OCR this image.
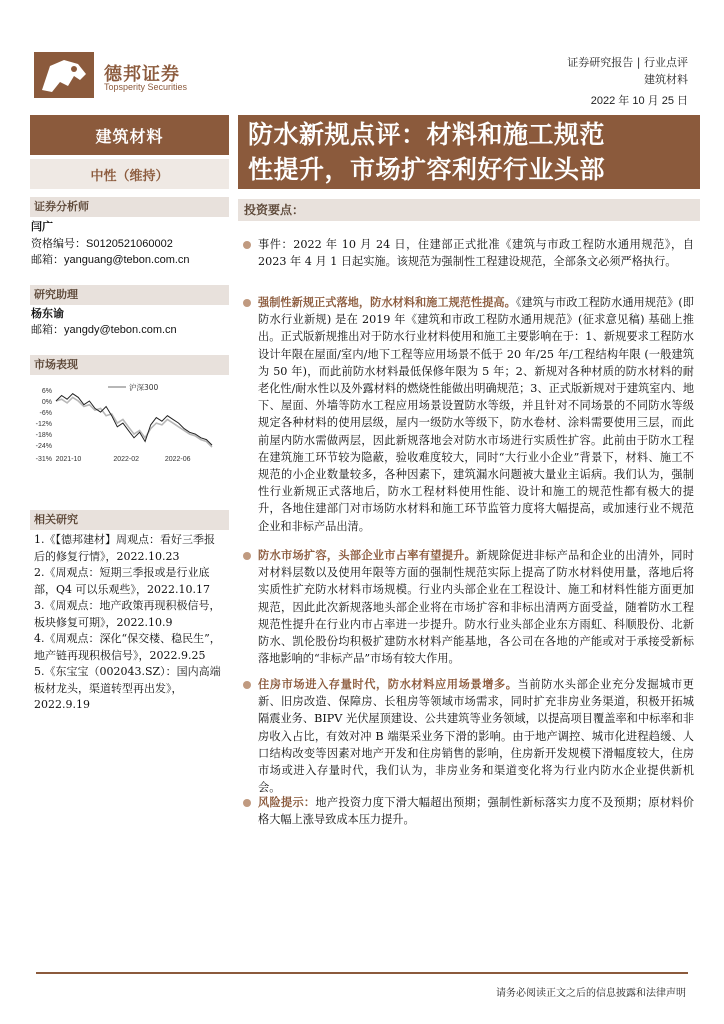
德邦证券
Topsperity Securities
证券研究报告 | 行业点评
建筑材料
2022 年 10 月 25 日
建筑材料
中性（维持）
证券分析师
闫广
资格编号：S0120521060002
邮箱：yanguang@tebon.com.cn
研究助理
杨东谕
邮箱：yangdy@tebon.com.cn
市场表现
6%
0%
-6%
-12%
-18%
-24%
-31% 2021-10	2022-02	2022-06
沪深300
相关研究
1.《【德邦建材】周观点：看好三季报后的修复行情》，2022.10.23
2.《周观点：短期三季报或是行业底部，Q4 可以乐观些》，2022.10.17
3.《周观点：地产政策再现积极信号，板块修复可期》，2022.10.9
4.《周观点：深化“保交楼、稳民生”，地产链再现积极信号》，2022.9.25
5.《东宝宝（002043.SZ）：国内高端板材龙头，渠道转型再出发》，2022.9.19
防水新规点评：材料和施工规范
性提升，市场扩容利好行业头部
投资要点：
事件：2022 年 10 月 24 日，住建部正式批准《建筑与市政工程防水通用规范》，自 2023 年 4 月 1 日起实施。该规范为强制性工程建设规范，全部条文必须严格执行。
强制性新规正式落地，防水材料和施工规范性提高。《建筑与市政工程防水通用规范》(即防水行业新规) 是在 2019 年《建筑和市政工程防水通用规范》(征求意见稿) 基础上推出。正式版新规推出对于防水行业材料使用和施工主要影响在于：1、新规要求工程防水设计年限在屋面/室内/地下工程等应用场景不低于 20 年/25 年/工程结构年限 (一般建筑为 50 年)，而此前防水材料最低保修年限为 5 年；2、新规对各种材质的防水材料的耐老化性/耐水性以及外露材料的燃烧性能做出明确规范；3、正式版新规对于建筑室内、地下、屋面、外墙等防水工程应用场景设置防水等级，并且针对不同场景的不同防水等级规定各种材料的使用层级，屋内一级防水等级下，防水卷材、涂料需要使用三层，而此前屋内防水需做两层，因此新规落地会对防水市场进行实质性扩容。此前由于防水工程在建筑施工环节较为隐蔽，验收难度较大，同时“大行业小企业”背景下，材料、施工不规范的小企业数量较多，各种因素下，建筑漏水问题被大量业主诟病。我们认为，强制性行业新规正式落地后，防水工程材料使用性能、设计和施工的规范性都有极大的提升，各地住建部门对市场防水材料和施工环节监管力度将大幅提高，或加速行业不规范企业和非标产品出清。
防水市场扩容，头部企业市占率有望提升。新规除促进非标产品和企业的出清外，同时对材料层数以及使用年限等方面的强制性规范实际上提高了防水材料使用量，落地后将实质性扩充防水材料市场规模。行业内头部企业在工程设计、施工和材料性能方面更加规范，因此此次新规落地头部企业将在市场扩容和非标出清两方面受益，随着防水工程规范性提升在行业内市占率进一步提升。防水行业头部企业东方雨虹、科顺股份、北新防水、凯伦股份均积极扩建防水材料产能基地，各公司在各地的产能或对于承接受新标落地影响的“非标产品”市场有较大作用。
住房市场进入存量时代，防水材料应用场景增多。当前防水头部企业充分发掘城市更新、旧房改造、保障房、长租房等领域市场需求，同时扩充非房业务渠道，积极开拓城隔震业务、BIPV 光伏屋顶建设、公共建筑等业务领域，以提高项目覆盖率和中标率和非房收入占比，有效对冲 B 端渠采业务下滑的影响。由于地产调控、城市化进程趋缓、人口结构改变等因素对地产开发和住房销售的影响，住房新开发规模下滑幅度较大，住房市场或进入存量时代，我们认为，非房业务和渠道变化将为行业内防水企业提供新机会。
风险提示：地产投资力度下滑大幅超出预期；强制性新标落实力度不及预期；原材料价格大幅上涨导致成本压力提升。
请务必阅读正文之后的信息披露和法律声明
